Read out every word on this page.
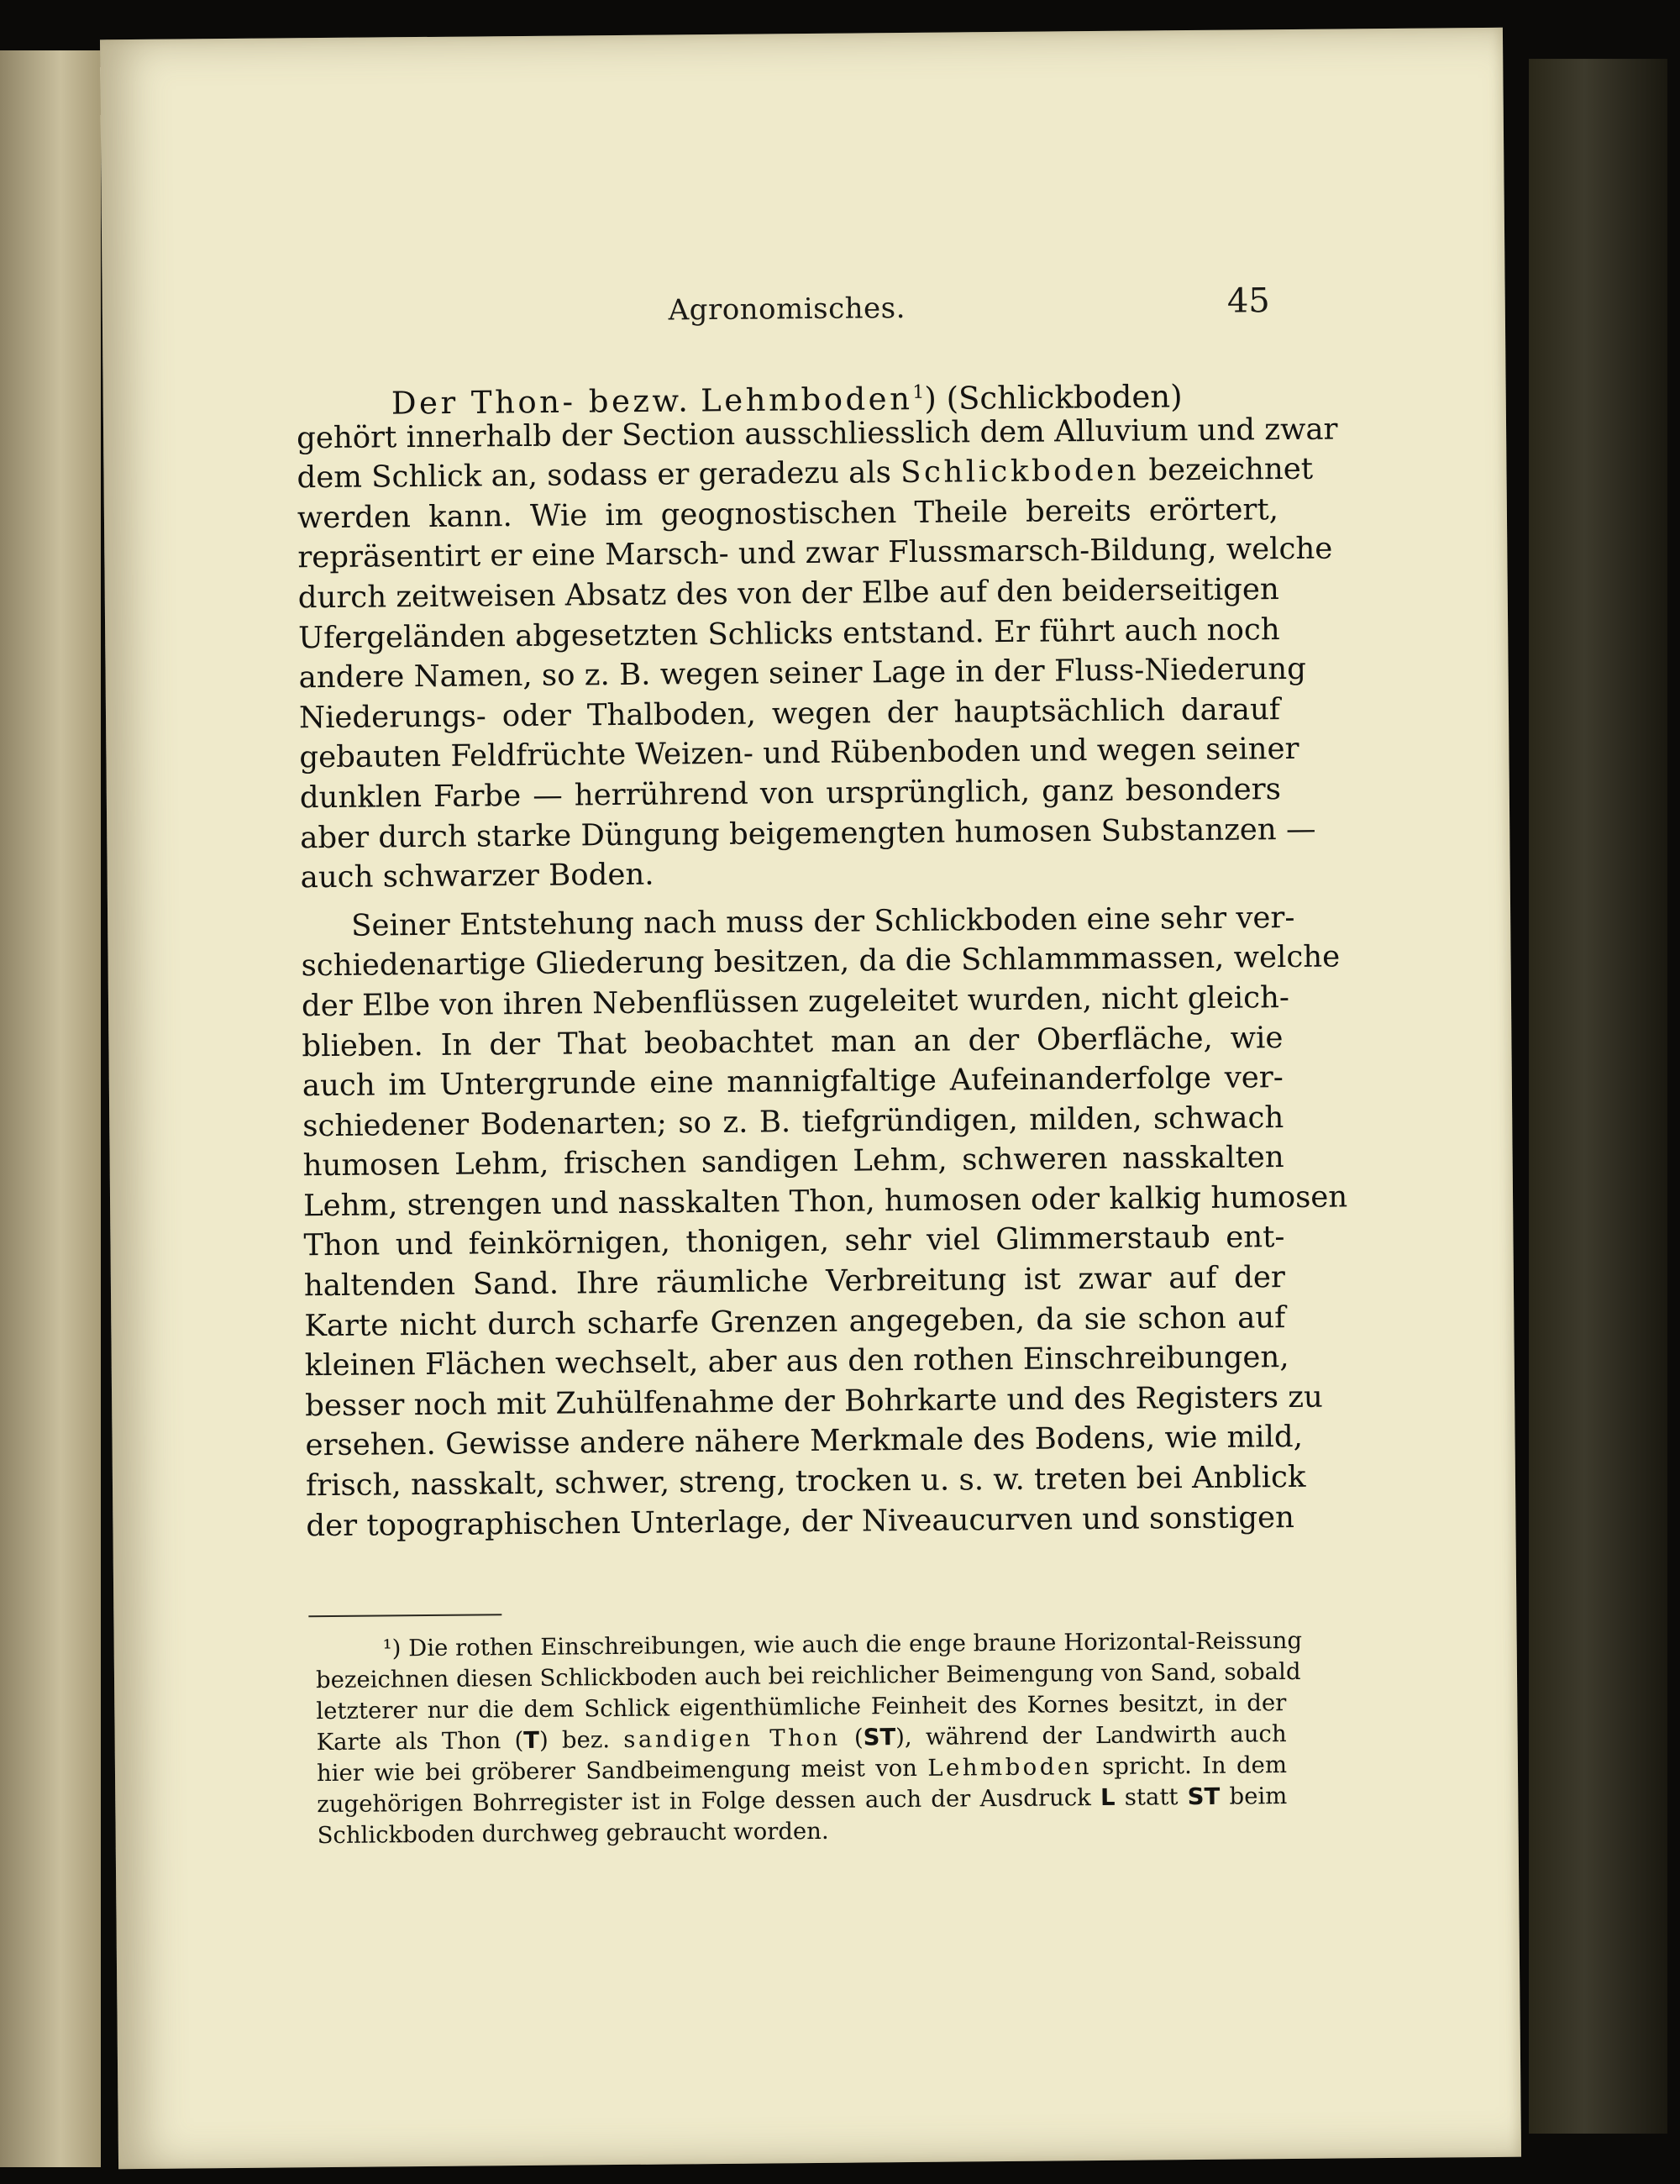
Agronomisches.	45
Der Thon- bezw. Lehmboden$^1$) (Schlickboden)
gehört innerhalb der Section ausschliesslich dem Alluvium und zwar
dem Schlick an, sodass er geradezu als Schlickboden bezeichnet
werden kann. Wie im geognostischen Theile bereits erörtert,
repräsentirt er eine Marsch- und zwar Flussmarsch-Bildung, welche
durch zeitweisen Absatz des von der Elbe auf den beiderseitigen
Ufergeländen abgesetzten Schlicks entstand. Er führt auch noch
andere Namen, so z. B. wegen seiner Lage in der Fluss-Niederung
Niederungs- oder Thalboden, wegen der hauptsächlich darauf
gebauten Feldfrüchte Weizen- und Rübenboden und wegen seiner
dunklen Farbe — herrührend von ursprünglich, ganz besonders
aber durch starke Düngung beigemengten humosen Substanzen —
auch schwarzer Boden.
Seiner Entstehung nach muss der Schlickboden eine sehr ver-
schiedenartige Gliederung besitzen, da die Schlammmassen, welche
der Elbe von ihren Nebenflüssen zugeleitet wurden, nicht gleich-
blieben. In der That beobachtet man an der Oberfläche, wie
auch im Untergrunde eine mannigfaltige Aufeinanderfolge ver-
schiedener Bodenarten; so z. B. tiefgründigen, milden, schwach
humosen Lehm, frischen sandigen Lehm, schweren nasskalten
Lehm, strengen und nasskalten Thon, humosen oder kalkig humosen
Thon und feinkörnigen, thonigen, sehr viel Glimmerstaub ent-
haltenden Sand. Ihre räumliche Verbreitung ist zwar auf der
Karte nicht durch scharfe Grenzen angegeben, da sie schon auf
kleinen Flächen wechselt, aber aus den rothen Einschreibungen,
besser noch mit Zuhülfenahme der Bohrkarte und des Registers zu
ersehen. Gewisse andere nähere Merkmale des Bodens, wie mild,
frisch, nasskalt, schwer, streng, trocken u. s. w. treten bei Anblick
der topographischen Unterlage, der Niveaucurven und sonstigen
¹) Die rothen Einschreibungen, wie auch die enge braune Horizontal-Reissung
bezeichnen diesen Schlickboden auch bei reichlicher Beimengung von Sand, sobald
letzterer nur die dem Schlick eigenthümliche Feinheit des Kornes besitzt, in der
Karte als Thon (T) bez. sandigen Thon (ST), während der Landwirth auch
hier wie bei gröberer Sandbeimengung meist von Lehmboden spricht. In dem
zugehörigen Bohrregister ist in Folge dessen auch der Ausdruck L statt ST beim
Schlickboden durchweg gebraucht worden.
